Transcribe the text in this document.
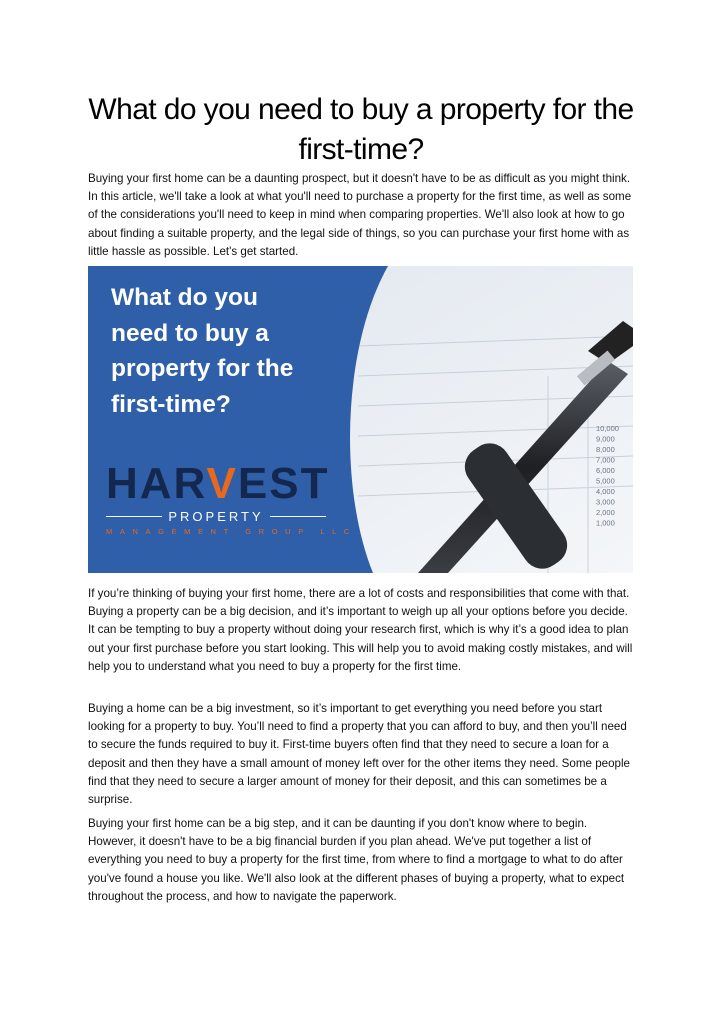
What do you need to buy a property for the first-time?

Buying your first home can be a daunting prospect, but it doesn't have to be as difficult as you might think. In this article, we'll take a look at what you'll need to purchase a property for the first time, as well as some of the considerations you'll need to keep in mind when comparing properties. We'll also look at how to go about finding a suitable property, and the legal side of things, so you can purchase your first home with as little hassle as possible. Let's get started.

10,000
9,000
8,000
7,000
6,000
5,000
4,000
3,000
2,000
1,000
What do you need to buy a property for the first-time?
HARVEST
PROPERTY
MANAGEMENT GROUP LLC

If you’re thinking of buying your first home, there are a lot of costs and responsibilities that come with that. Buying a property can be a big decision, and it’s important to weigh up all your options before you decide. It can be tempting to buy a property without doing your research first, which is why it’s a good idea to plan out your first purchase before you start looking. This will help you to avoid making costly mistakes, and will help you to understand what you need to buy a property for the first time.

Buying a home can be a big investment, so it’s important to get everything you need before you start looking for a property to buy. You’ll need to find a property that you can afford to buy, and then you’ll need to secure the funds required to buy it. First-time buyers often find that they need to secure a loan for a deposit and then they have a small amount of money left over for the other items they need. Some people find that they need to secure a larger amount of money for their deposit, and this can sometimes be a surprise.

Buying your first home can be a big step, and it can be daunting if you don't know where to begin. However, it doesn't have to be a big financial burden if you plan ahead. We've put together a list of everything you need to buy a property for the first time, from where to find a mortgage to what to do after you've found a house you like. We'll also look at the different phases of buying a property, what to expect throughout the process, and how to navigate the paperwork.
